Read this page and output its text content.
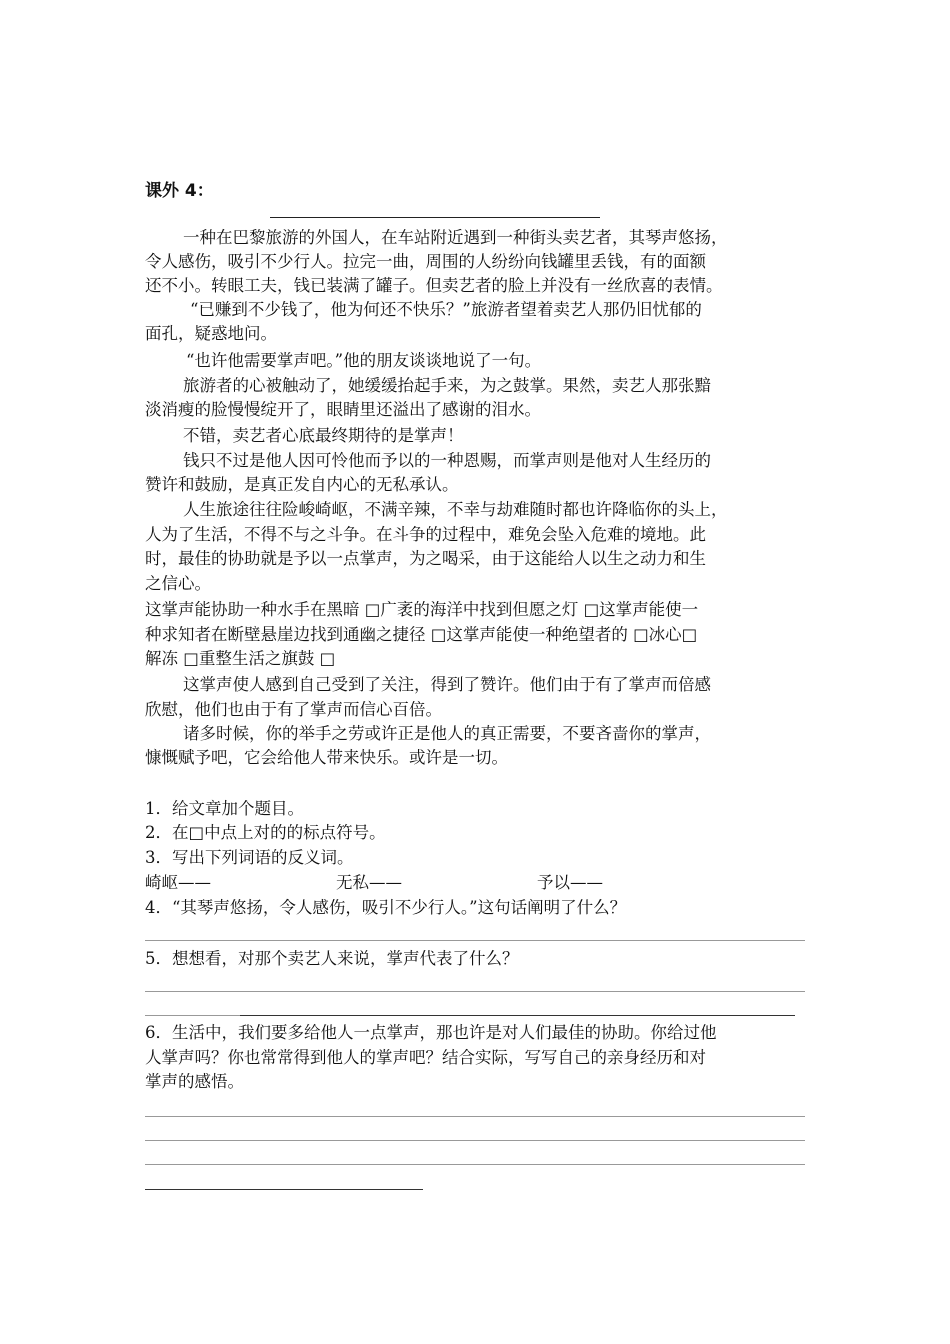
课外 4：
一种在巴黎旅游的外国人，在车站附近遇到一种街头卖艺者，其琴声悠扬，
令人感伤，吸引不少行人。拉完一曲，周围的人纷纷向钱罐里丢钱，有的面额
还不小。转眼工夫，钱已装满了罐子。但卖艺者的脸上并没有一丝欣喜的表情。
“已赚到不少钱了，他为何还不快乐？”旅游者望着卖艺人那仍旧忧郁的
面孔，疑惑地问。
“也许他需要掌声吧。”他的朋友谈谈地说了一句。
旅游者的心被触动了，她缓缓抬起手来，为之鼓掌。果然，卖艺人那张黯
淡消瘦的脸慢慢绽开了，眼睛里还溢出了感谢的泪水。
不错，卖艺者心底最终期待的是掌声！
钱只不过是他人因可怜他而予以的一种恩赐，而掌声则是他对人生经历的
赞许和鼓励，是真正发自内心的无私承认。
人生旅途往往险峻崎岖，不满辛辣，不幸与劫难随时都也许降临你的头上，
人为了生活，不得不与之斗争。在斗争的过程中，难免会坠入危难的境地。此
时，最佳的协助就是予以一点掌声，为之喝采，由于这能给人以生之动力和生
之信心。
这掌声能协助一种水手在黑暗 □广袤的海洋中找到但愿之灯 □这掌声能使一
种求知者在断壁悬崖边找到通幽之捷径 □这掌声能使一种绝望者的 □冰心□
解冻 □重整生活之旗鼓 □
这掌声使人感到自己受到了关注，得到了赞许。他们由于有了掌声而倍感
欣慰，他们也由于有了掌声而信心百倍。
诸多时候，你的举手之劳或许正是他人的真正需要，不要吝啬你的掌声，
慷慨赋予吧，它会给他人带来快乐。或许是一切。
1．给文章加个题目。
2．在□中点上对的的标点符号。
3．写出下列词语的反义词。
崎岖——	无私——	予以——
4．“其琴声悠扬，令人感伤，吸引不少行人。”这句话阐明了什么？
5．想想看，对那个卖艺人来说，掌声代表了什么？
6．生活中，我们要多给他人一点掌声，那也许是对人们最佳的协助。你给过他
人掌声吗？你也常常得到他人的掌声吧？结合实际，写写自己的亲身经历和对
掌声的感悟。
